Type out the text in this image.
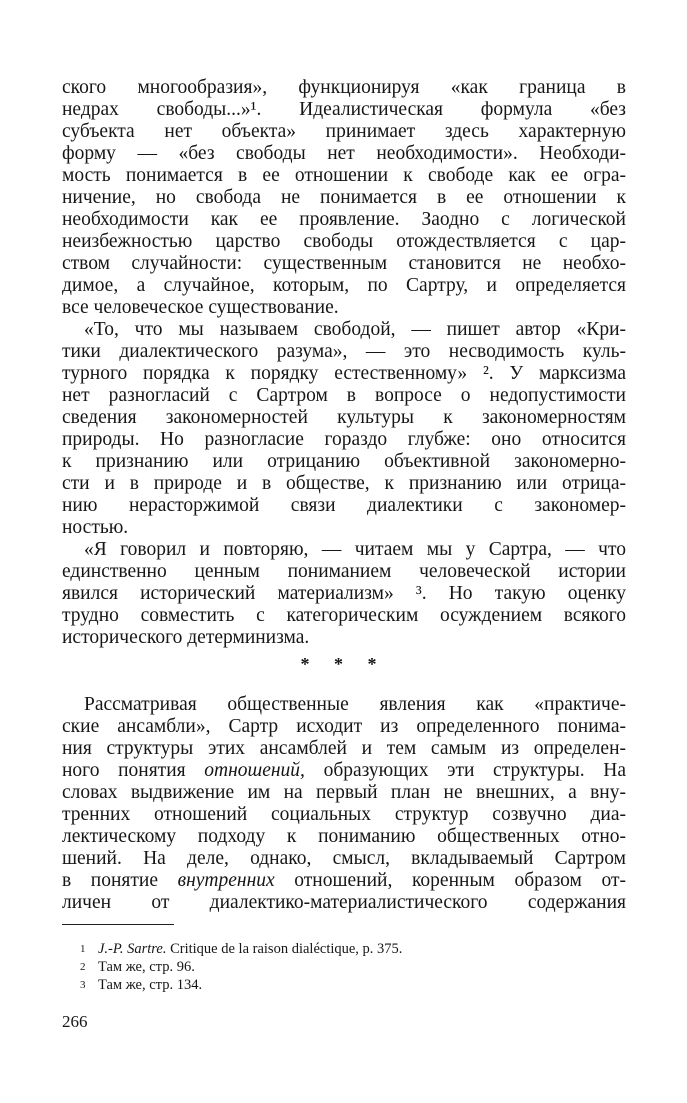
ского многообразия», функционируя «как граница в
недрах свободы...»¹. Идеалистическая формула «без
субъекта нет объекта» принимает здесь характерную
форму — «без свободы нет необходимости». Необходи-
мость понимается в ее отношении к свободе как ее огра-
ничение, но свобода не понимается в ее отношении к
необходимости как ее проявление. Заодно с логической
неизбежностью царство свободы отождествляется с цар-
ством случайности: существенным становится не необхо-
димое, а случайное, которым, по Сартру, и определяется
все человеческое существование.
«То, что мы называем свободой, — пишет автор «Кри-
тики диалектического разума», — это несводимость куль-
турного порядка к порядку естественному» ². У марксизма
нет разногласий с Сартром в вопросе о недопустимости
сведения закономерностей культуры к закономерностям
природы. Но разногласие гораздо глубже: оно относится
к признанию или отрицанию объективной закономерно-
сти и в природе и в обществе, к признанию или отрица-
нию нерасторжимой связи диалектики с закономер-
ностью.
«Я говорил и повторяю, — читаем мы у Сартра, — что
единственно ценным пониманием человеческой истории
явился исторический материализм» ³. Но такую оценку
трудно совместить с категорическим осуждением всякого
исторического детерминизма.
* * *
Рассматривая общественные явления как «практиче-
ские ансамбли», Сартр исходит из определенного понима-
ния структуры этих ансамблей и тем самым из определен-
ного понятия отношений, образующих эти структуры. На
словах выдвижение им на первый план не внешних, а вну-
тренних отношений социальных структур созвучно диа-
лектическому подходу к пониманию общественных отно-
шений. На деле, однако, смысл, вкладываемый Сартром
в понятие внутренних отношений, коренным образом от-
личен от диалектико-материалистического содержания
1 J.-P. Sartre. Critique de la raison dialéctique, p. 375.
2 Там же, стр. 96.
3 Там же, стр. 134.
266
